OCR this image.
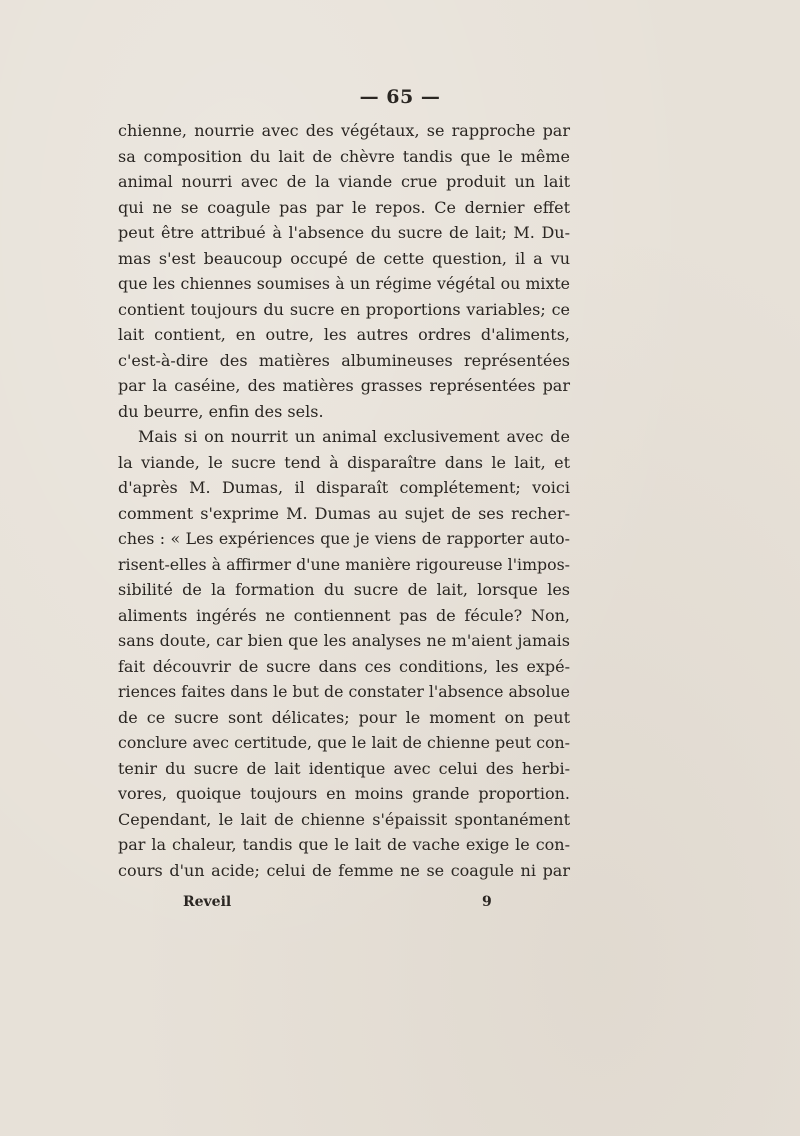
— 65 —
chienne, nourrie avec des végétaux, se rapproche par
sa composition du lait de chèvre tandis que le même
animal nourri avec de la viande crue produit un lait
qui ne se coagule pas par le repos. Ce dernier effet
peut être attribué à l'absence du sucre de lait; M. Du-
mas s'est beaucoup occupé de cette question, il a vu
que les chiennes soumises à un régime végétal ou mixte
contient toujours du sucre en proportions variables; ce
lait contient, en outre, les autres ordres d'aliments,
c'est-à-dire des matières albumineuses représentées
par la caséine, des matières grasses représentées par
du beurre, enfin des sels.
Mais si on nourrit un animal exclusivement avec de
la viande, le sucre tend à disparaître dans le lait, et
d'après M. Dumas, il disparaît complétement; voici
comment s'exprime M. Dumas au sujet de ses recher-
ches : « Les expériences que je viens de rapporter auto-
risent-elles à affirmer d'une manière rigoureuse l'impos-
sibilité de la formation du sucre de lait, lorsque les
aliments ingérés ne contiennent pas de fécule? Non,
sans doute, car bien que les analyses ne m'aient jamais
fait découvrir de sucre dans ces conditions, les expé-
riences faites dans le but de constater l'absence absolue
de ce sucre sont délicates; pour le moment on peut
conclure avec certitude, que le lait de chienne peut con-
tenir du sucre de lait identique avec celui des herbi-
vores, quoique toujours en moins grande proportion.
Cependant, le lait de chienne s'épaissit spontanément
par la chaleur, tandis que le lait de vache exige le con-
cours d'un acide; celui de femme ne se coagule ni par
Reveil	9
